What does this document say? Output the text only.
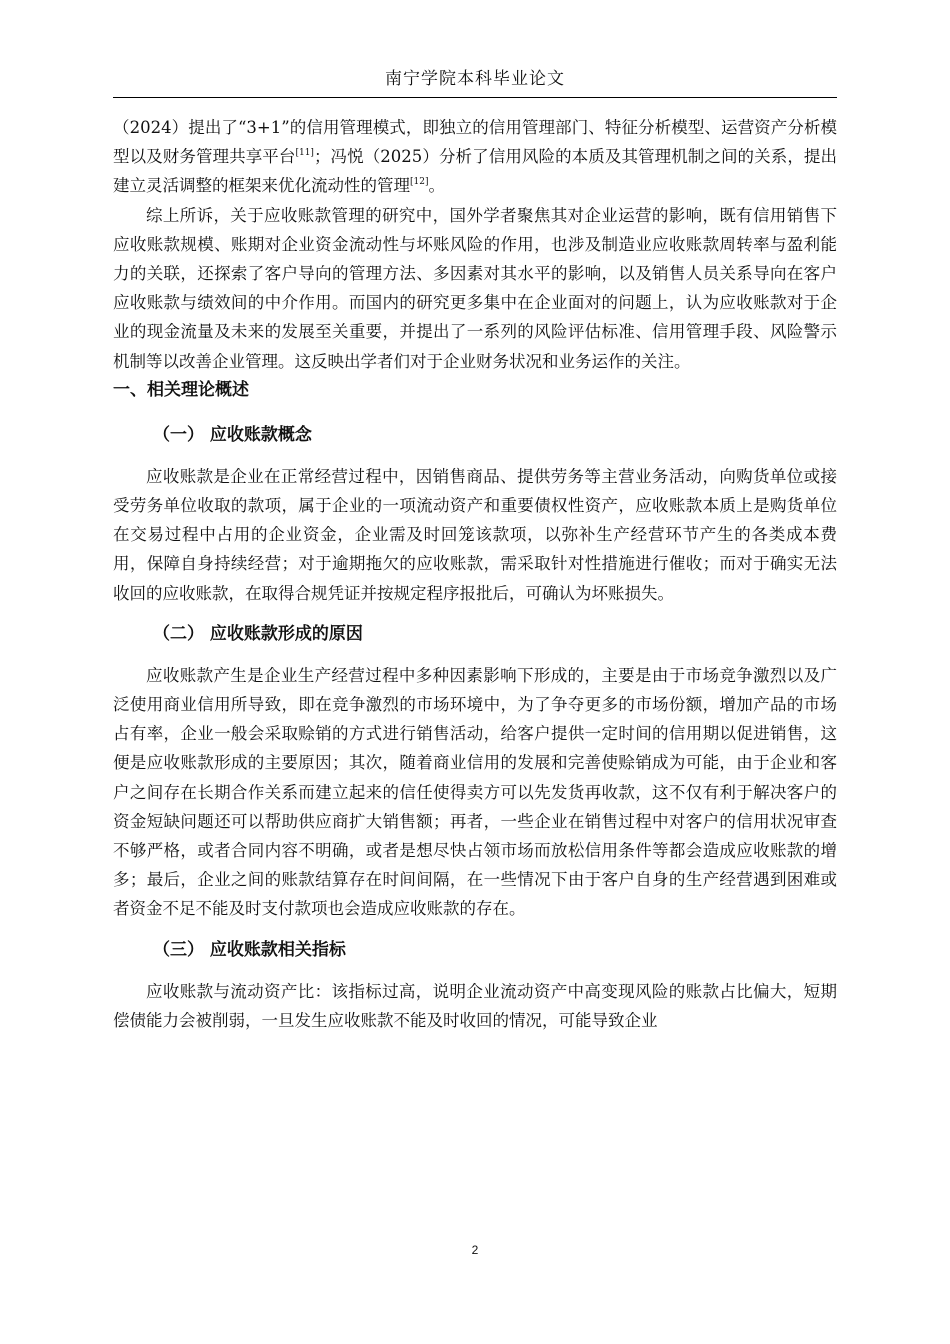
南宁学院本科毕业论文

（2024）提出了“3+1”的信用管理模式，即独立的信用管理部门、特征分析模型、运营资产分析模型以及财务管理共享平台[11]；冯悦（2025）分析了信用风险的本质及其管理机制之间的关系，提出建立灵活调整的框架来优化流动性的管理[12]。

综上所诉，关于应收账款管理的研究中，国外学者聚焦其对企业运营的影响，既有信用销售下应收账款规模、账期对企业资金流动性与坏账风险的作用，也涉及制造业应收账款周转率与盈利能力的关联，还探索了客户导向的管理方法、多因素对其水平的影响，以及销售人员关系导向在客户应收账款与绩效间的中介作用。而国内的研究更多集中在企业面对的问题上，认为应收账款对于企业的现金流量及未来的发展至关重要，并提出了一系列的风险评估标准、信用管理手段、风险警示机制等以改善企业管理。这反映出学者们对于企业财务状况和业务运作的关注。

一、相关理论概述
（一） 应收账款概念

应收账款是企业在正常经营过程中，因销售商品、提供劳务等主营业务活动，向购货单位或接受劳务单位收取的款项，属于企业的一项流动资产和重要债权性资产，应收账款本质上是购货单位在交易过程中占用的企业资金，企业需及时回笼该款项，以弥补生产经营环节产生的各类成本费用，保障自身持续经营；对于逾期拖欠的应收账款，需采取针对性措施进行催收；而对于确实无法收回的应收账款，在取得合规凭证并按规定程序报批后，可确认为坏账损失。

（二） 应收账款形成的原因

应收账款产生是企业生产经营过程中多种因素影响下形成的，主要是由于市场竞争激烈以及广泛使用商业信用所导致，即在竞争激烈的市场环境中，为了争夺更多的市场份额，增加产品的市场占有率，企业一般会采取赊销的方式进行销售活动，给客户提供一定时间的信用期以促进销售，这便是应收账款形成的主要原因；其次，随着商业信用的发展和完善使赊销成为可能，由于企业和客户之间存在长期合作关系而建立起来的信任使得卖方可以先发货再收款，这不仅有利于解决客户的资金短缺问题还可以帮助供应商扩大销售额；再者，一些企业在销售过程中对客户的信用状况审查不够严格，或者合同内容不明确，或者是想尽快占领市场而放松信用条件等都会造成应收账款的增多；最后，企业之间的账款结算存在时间间隔，在一些情况下由于客户自身的生产经营遇到困难或者资金不足不能及时支付款项也会造成应收账款的存在。

（三） 应收账款相关指标

应收账款与流动资产比：该指标过高，说明企业流动资产中高变现风险的账款占比偏大，短期偿债能力会被削弱，一旦发生应收账款不能及时收回的情况，可能导致企业

2
